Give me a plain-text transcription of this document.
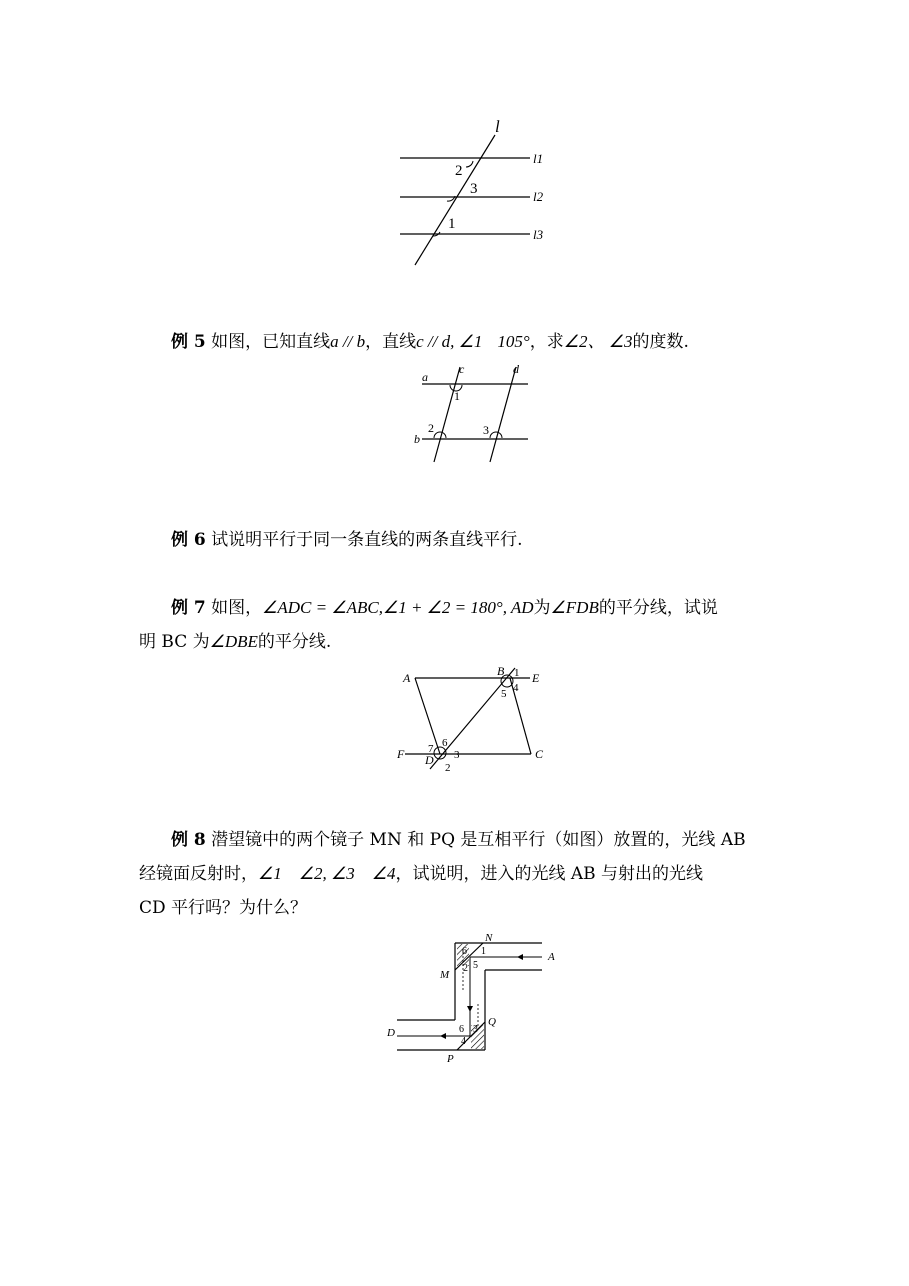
l
l1
l2
l3
2
3
1
例 5 如图，已知直线a // b，直线c // d, ∠1   105°，求∠2、 ∠3的度数.
a
b
c	d
1
2	3
例 6 试说明平行于同一条直线的两条直线平行.
例 7 如图，∠ADC = ∠ABC,∠1 + ∠2 = 180°, AD为∠FDB的平分线，试说
明 BC 为∠DBE的平分线.
A	B E
F D	C
1
4
5
6
7 3
2
例 8 潜望镜中的两个镜子 MN 和 PQ 是互相平行（如图）放置的，光线 AB
经镜面反射时，∠1    ∠2, ∠3    ∠4，试说明，进入的光线 AB 与射出的光线
CD 平行吗？为什么？
N
A
M
Q
D
P
6 1
2 5
6 3
4
